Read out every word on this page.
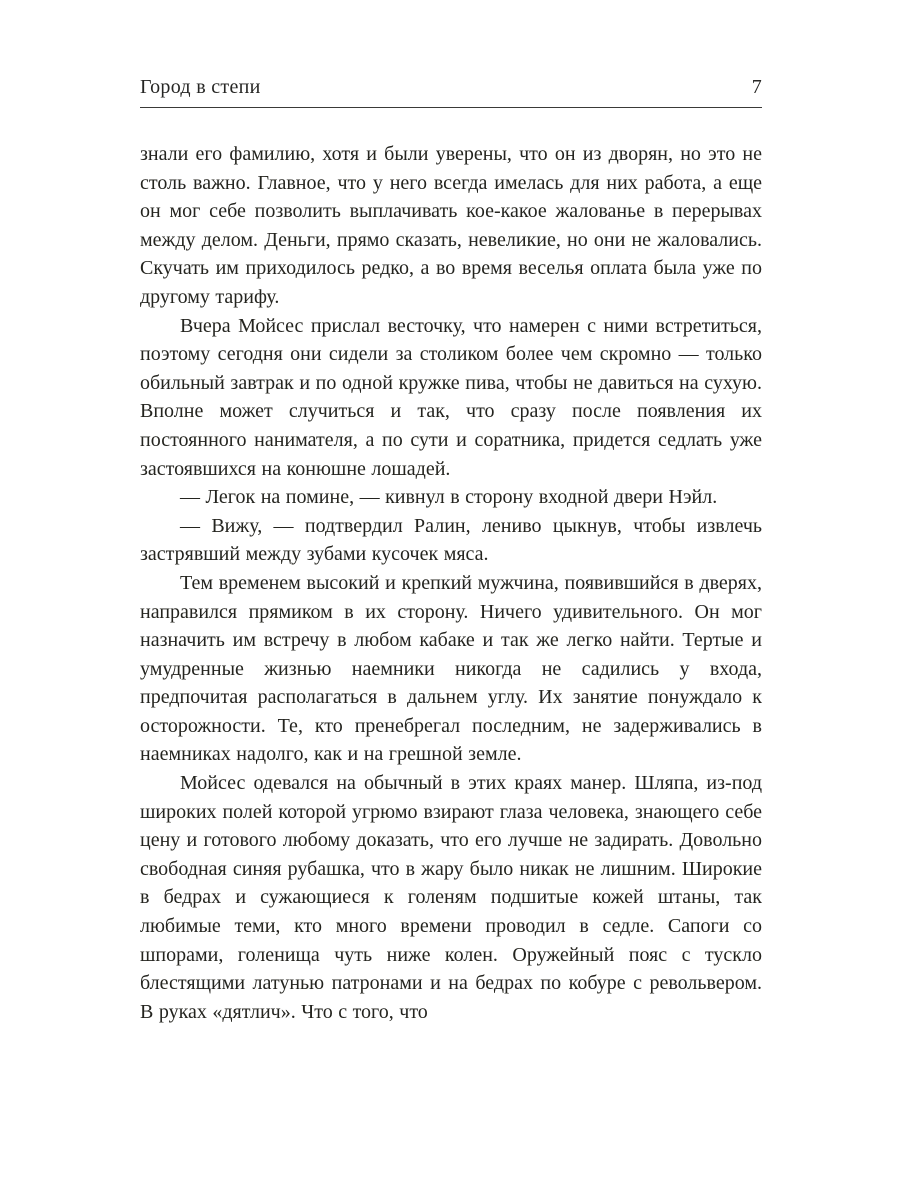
Город в степи	7

знали его фамилию, хотя и были уверены, что он из дворян, но это не столь важно. Главное, что у него всегда имелась для них работа, а еще он мог себе позволить выплачивать кое-какое жалованье в перерывах между делом. Деньги, прямо сказать, невеликие, но они не жаловались. Скучать им приходилось редко, а во время веселья оплата была уже по другому тарифу.

Вчера Мойсес прислал весточку, что намерен с ними встретиться, поэтому сегодня они сидели за столиком более чем скромно — только обильный завтрак и по одной кружке пива, чтобы не давиться на сухую. Вполне может случиться и так, что сразу после появления их постоянного нанимателя, а по сути и соратника, придется седлать уже застоявшихся на конюшне лошадей.

— Легок на помине, — кивнул в сторону входной двери Нэйл.

— Вижу, — подтвердил Ралин, лениво цыкнув, чтобы извлечь застрявший между зубами кусочек мяса.

Тем временем высокий и крепкий мужчина, появившийся в дверях, направился прямиком в их сторону. Ничего удивительного. Он мог назначить им встречу в любом кабаке и так же легко найти. Тертые и умудренные жизнью наемники никогда не садились у входа, предпочитая располагаться в дальнем углу. Их занятие понуждало к осторожности. Те, кто пренебрегал последним, не задерживались в наемниках надолго, как и на грешной земле.

Мойсес одевался на обычный в этих краях манер. Шляпа, из-под широких полей которой угрюмо взирают глаза человека, знающего себе цену и готового любому доказать, что его лучше не задирать. Довольно свободная синяя рубашка, что в жару было никак не лишним. Широкие в бедрах и сужающиеся к голеням подшитые кожей штаны, так любимые теми, кто много времени проводил в седле. Сапоги со шпорами, голенища чуть ниже колен. Оружейный пояс с тускло блестящими латунью патронами и на бедрах по кобуре с револьвером. В руках «дятлич». Что с того, что
